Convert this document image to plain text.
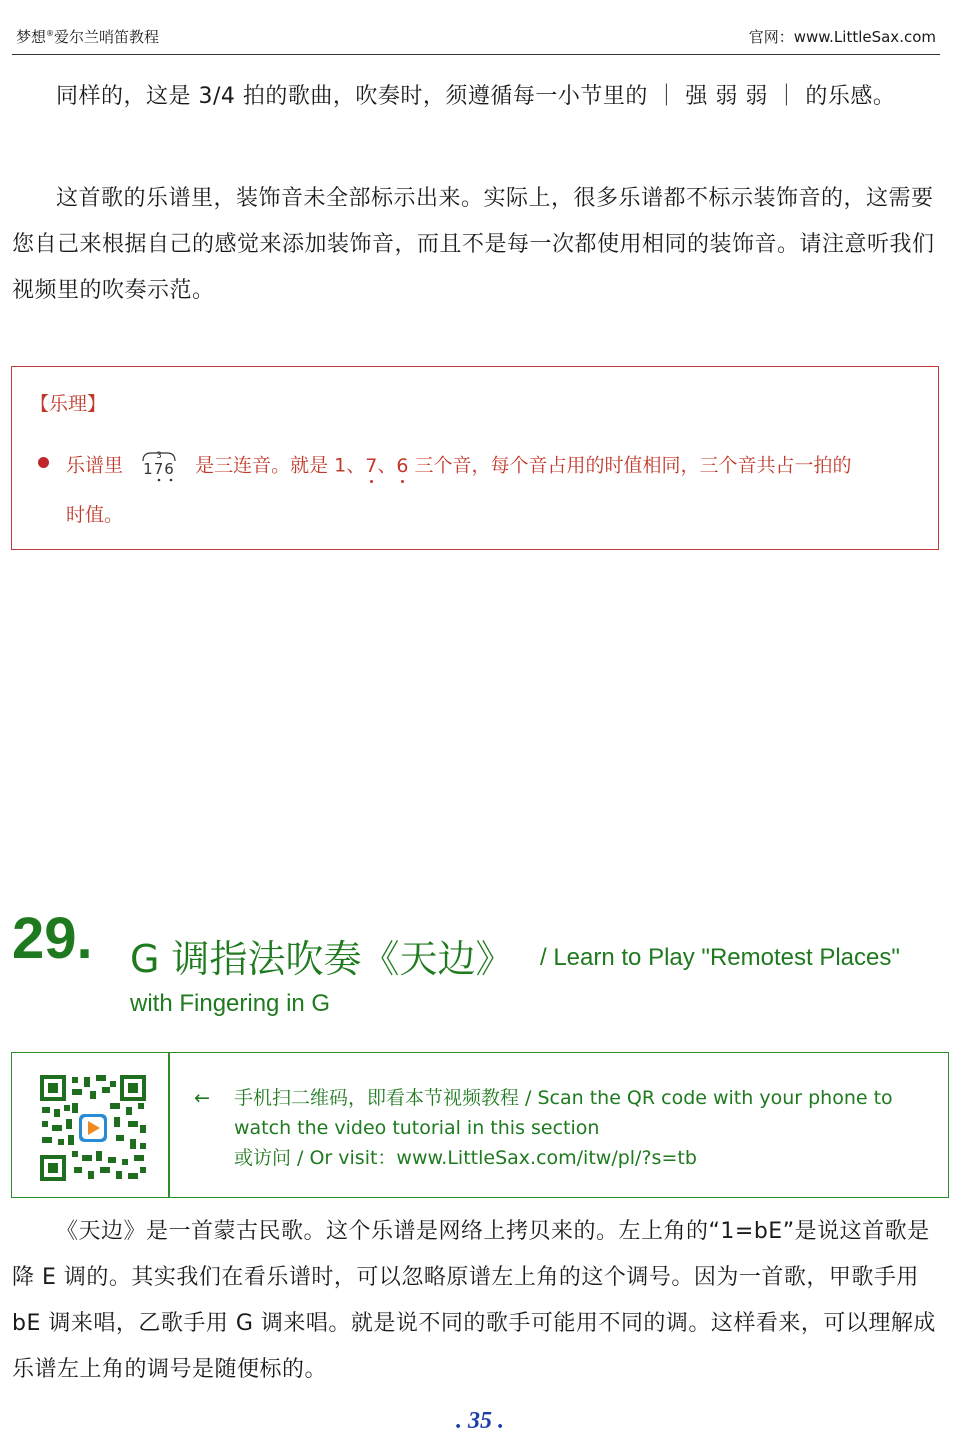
梦想®爱尔兰哨笛教程	官网：www.LittleSax.com

同样的，这是 3/4 拍的歌曲，吹奏时，须遵循每一小节里的 ｜ 强 弱 弱 ｜ 的乐感。

这首歌的乐谱里，装饰音未全部标示出来。实际上，很多乐谱都不标示装饰音的，这需要您自己来根据自己的感觉来添加装饰音，而且不是每一次都使用相同的装饰音。请注意听我们视频里的吹奏示范。

【乐理】
乐谱里	3
176 是三连音。就是 1、7、6 三个音，每个音占用的时值相同，三个音共占一拍的
时值。
29. G 调指法吹奏《天边》 / Learn to Play "Remotest Places"
with Fingering in G
← 手机扫二维码，即看本节视频教程 / Scan the QR code with your phone to
watch the video tutorial in this section
或访问 / Or visit：www.LittleSax.com/itw/pl/?s=tb

《天边》是一首蒙古民歌。这个乐谱是网络上拷贝来的。左上角的“1=bE”是说这首歌是降 E 调的。其实我们在看乐谱时，可以忽略原谱左上角的这个调号。因为一首歌，甲歌手用 bE 调来唱，乙歌手用 G 调来唱。就是说不同的歌手可能用不同的调。这样看来，可以理解成乐谱左上角的调号是随便标的。

. 35 .
